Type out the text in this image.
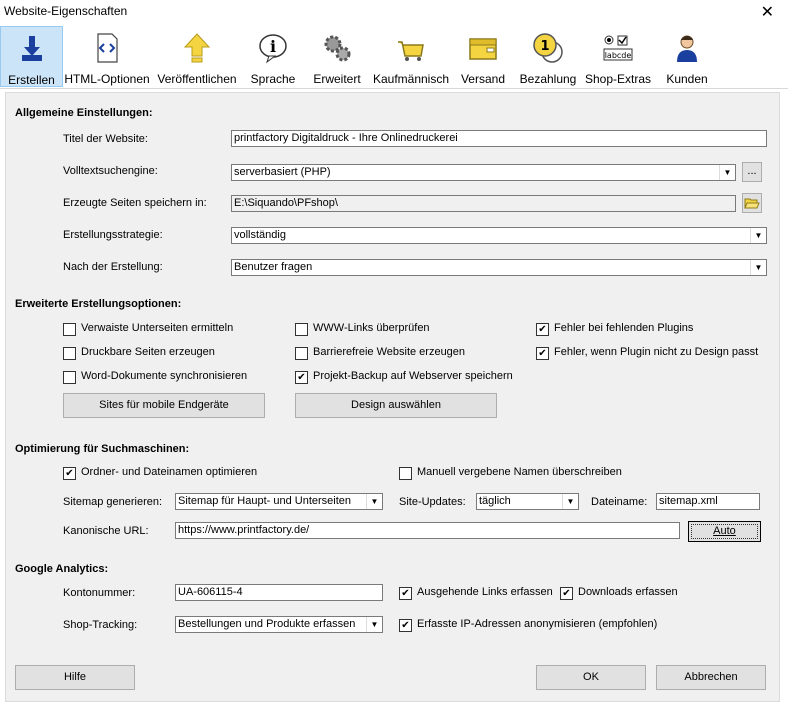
Website-Eigenschaften	✕
Erstellen HTML-Optionen Veröffentlichen
i
Sprache	Erweitert	Kaufmännisch Versand
1
Bezahlung
labcde
Shop-Extras	Kunden
Allgemeine Einstellungen:
Titel der Website:	printfactory Digitaldruck - Ihre Onlinedruckerei
Volltextsuchengine:	serverbasiert (PHP)	▼	...
Erzeugte Seiten speichern in: E:\Siquando\PFshop\
Erstellungsstrategie:	vollständig	▼
Nach der Erstellung:	Benutzer fragen	▼
Erweiterte Erstellungsoptionen:
Verwaiste Unterseiten ermitteln	WWW-Links überprüfen	✔ Fehler bei fehlenden Plugins
Druckbare Seiten erzeugen	Barrierefreie Website erzeugen	✔ Fehler, wenn Plugin nicht zu Design passt
Word-Dokumente synchronisieren	✔ Projekt-Backup auf Webserver speichern
Sites für mobile Endgeräte	Design auswählen
Optimierung für Suchmaschinen:
✔ Ordner- und Dateinamen optimieren	Manuell vergebene Namen überschreiben
Sitemap generieren: Sitemap für Haupt- und Unterseiten	▼	Site-Updates: täglich	▼	Dateiname: sitemap.xml
Kanonische URL:	https://www.printfactory.de/	Auto
Google Analytics:
Kontonummer:	UA-606115-4	✔ Ausgehende Links erfassen ✔ Downloads erfassen
Shop-Tracking:	Bestellungen und Produkte erfassen	▼	✔ Erfasste IP-Adressen anonymisieren (empfohlen)
Hilfe	OK	Abbrechen
